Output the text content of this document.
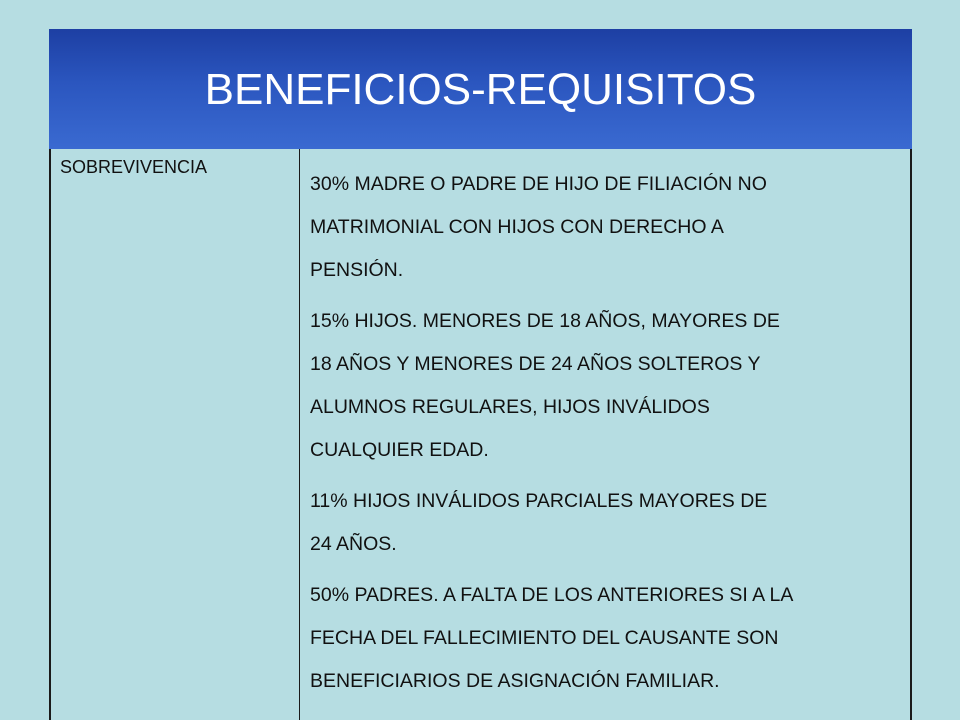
BENEFICIOS-REQUISITOS
SOBREVIVENCIA

30% MADRE O PADRE DE HIJO DE FILIACIÓN NO
MATRIMONIAL CON HIJOS CON DERECHO A
PENSIÓN.

15% HIJOS. MENORES DE 18 AÑOS, MAYORES DE
18 AÑOS Y MENORES DE 24 AÑOS SOLTEROS Y
ALUMNOS REGULARES, HIJOS INVÁLIDOS
CUALQUIER EDAD.

11% HIJOS INVÁLIDOS PARCIALES MAYORES DE
24 AÑOS.

50% PADRES. A FALTA DE LOS ANTERIORES SI A LA
FECHA DEL FALLECIMIENTO DEL CAUSANTE SON
BENEFICIARIOS DE ASIGNACIÓN FAMILIAR.
